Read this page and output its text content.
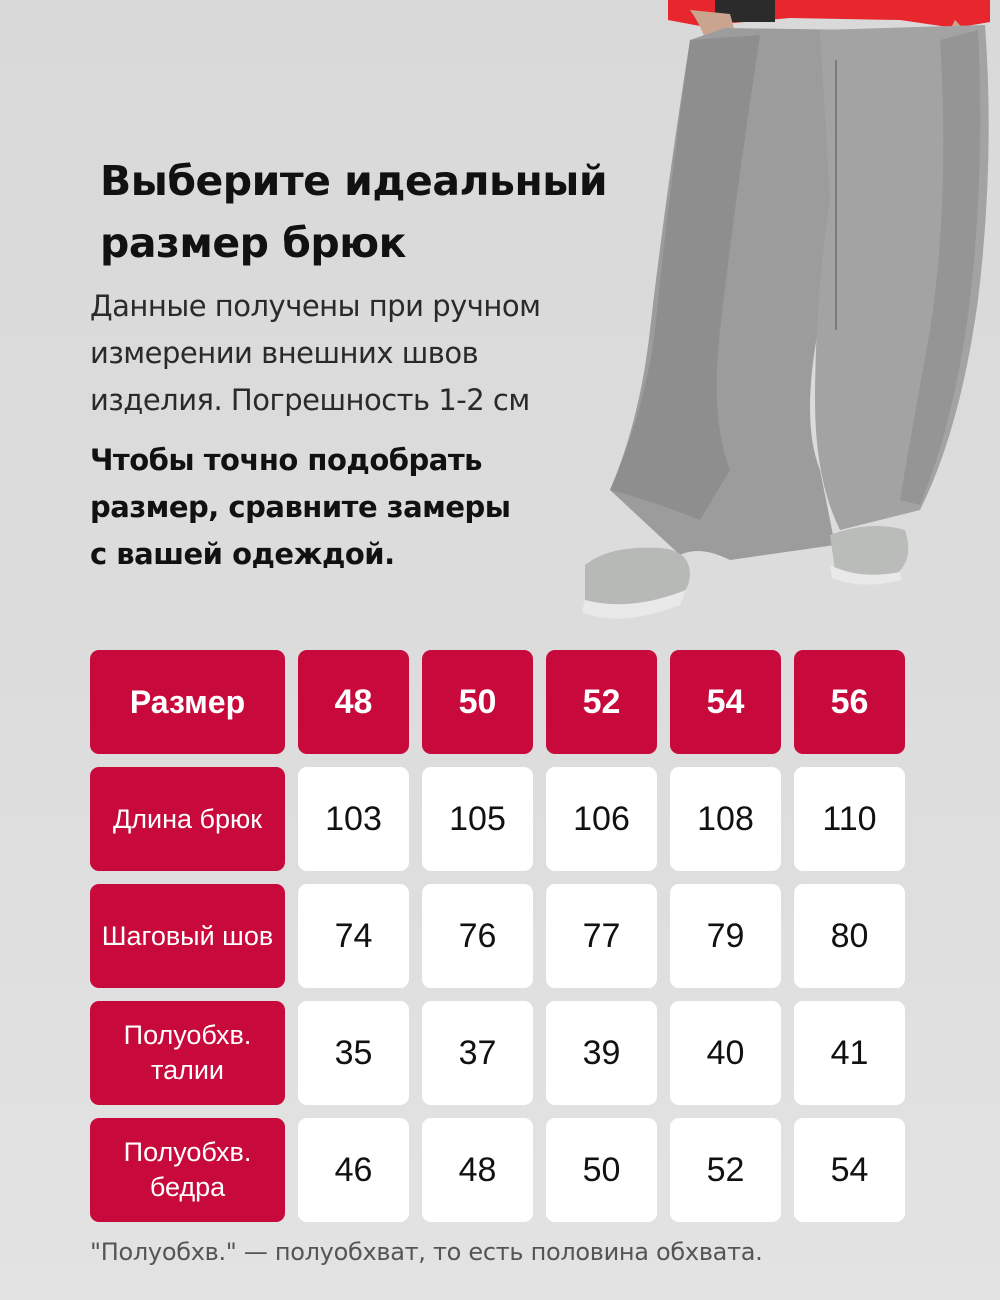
Выберите идеальный
размер брюк
Данные получены при ручном
измерении внешних швов
изделия. Погрешность 1-2 см
Чтобы точно подобрать
размер, сравните замеры
с вашей одеждой.
Размер	48	50	52	54	56
Длина брюк	103	105	106	108	110
Шаговый шов	74	76	77	79	80
Полуобхв. талии	35	37	39	40	41
Полуобхв. бедра	46	48	50	52	54
"Полуобхв." — полуобхват, то есть половина обхвата.
